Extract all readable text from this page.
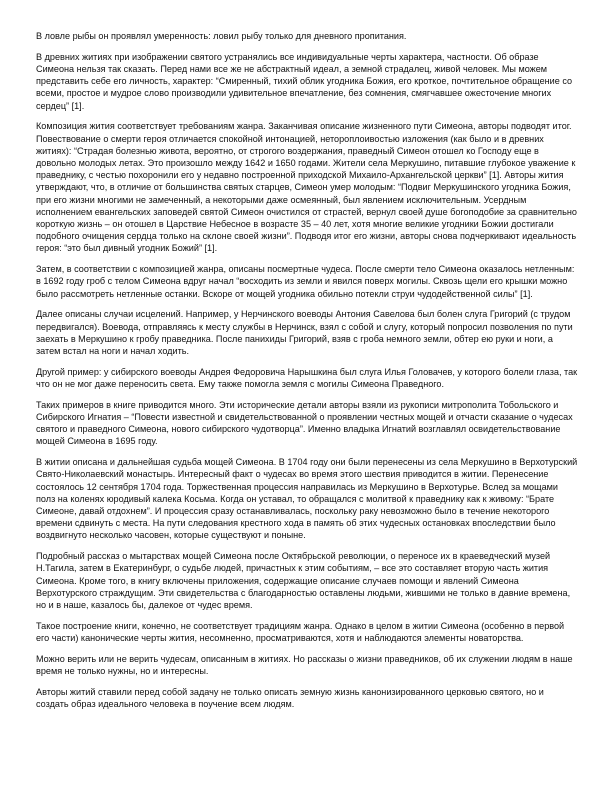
В ловле рыбы он проявлял умеренность: ловил рыбу только для дневного пропитания.

В древних житиях при изображении святого устранялись все индивидуальные черты характера, частности. Об образе Симеона нельзя так сказать. Перед нами все же не абстрактный идеал, а земной страдалец, живой человек. Мы можем представить себе его личность, характер: “Смиренный, тихий облик угодника Божия, его кроткое, почтительное обращение со всеми, простое и мудрое слово производили удивительное впечатление, без сомнения, смягчавшее ожесточение многих сердец” [1].

Композиция жития соответствует требованиям жанра. Заканчивая описание жизненного пути Симеона, авторы подводят итог. Повествование о смерти героя отличается спокойной интонацией, нетороплоивостью изложения (как было и в древних житиях): “Страдая болезнью живота, вероятно, от строгого воздержания, праведный Симеон отошел ко Господу еще в довольно молодых летах. Это произошло между 1642 и 1650 годами. Жители села Меркушино, питавшие глубокое уважение к праведнику, с честью похоронили его у недавно построенной приходской Михаило-Архангельской церкви” [1]. Авторы жития утверждают, что, в отличие от большинства святых старцев, Симеон умер молодым: “Подвиг Меркушинского угодника Божия, при его жизни многими не замеченный, а некоторыми даже осмеянный, был явлением исключительным. Усердным исполнением евангельских заповедей святой Симеон очистился от страстей, вернул своей душе богоподобие за сравнительно короткую жизнь – он отошел в Царствие Небесное в возрасте 35 – 40 лет, хотя многие великие угодники Божии достигали подобного очищения сердца только на склоне своей жизни”. Подводя итог его жизни, авторы снова подчеркивают идеальность героя: “это был дивный угодник Божий” [1].

Затем, в соответствии с композицией жанра, описаны посмертные чудеса. После смерти тело Симеона оказалось нетленным: в 1692 году гроб с телом Симеона вдруг начал “восходить из земли и явился поверх могилы. Сквозь щели его крышки можно было рассмотреть нетленные останки. Вскоре от мощей угодника обильно потекли струи чудодейственной силы” [1].

Далее описаны случаи исцелений. Например, у Нерчинского воеводы Антония Савелова был болен слуга Григорий (с трудом передвигался). Воевода, отправляясь к месту службы в Нерчинск, взял с собой и слугу, который попросил позволения по пути заехать в Меркушино к гробу праведника. После панихиды Григорий, взяв с гроба немного земли, обтер ею руки и ноги, а затем встал на ноги и начал ходить.

Другой пример: у сибирского воеводы Андрея Федоровича Нарышкина был слуга Илья Головачев, у которого болели глаза, так что он не мог даже переносить света. Ему также помогла земля с могилы Симеона Праведного.

Таких примеров в книге приводится много. Эти исторические детали авторы взяли из рукописи митрополита Тобольского и Сибирского Игнатия – “Повести известной и свидетельствованной о проявлении честных мощей и отчасти сказание о чудесах святого и праведного Симеона, нового сибирского чудотворца”. Именно владыка Игнатий возглавлял освидетельствование мощей Симеона в 1695 году.

В житии описана и дальнейшая судьба мощей Симеона. В 1704 году они были перенесены из села Меркушино в Верхотурский Свято-Николаевский монастырь. Интересный факт о чудесах во время этого шествия приводится в житии. Перенесение состоялось 12 сентября 1704 года. Торжественная процессия направилась из Меркушино в Верхотурье. Вслед за мощами полз на коленях юродивый калека Косьма. Когда он уставал, то обращался с молитвой к праведнику как к живому: “Брате Симеоне, давай отдохнем”. И процессия сразу останавливалась, поскольку раку невозможно было в течение некоторого времени сдвинуть с места. На пути следования крестного хода в память об этих чудесных остановках впоследствии было воздвигнуто несколько часовен, которые существуют и поныне.

Подробный рассказ о мытарствах мощей Симеона после Октябрьской революции, о переносе их в краеведческий музей Н.Тагила, затем в Екатеринбург, о судьбе людей, причастных к этим событиям, – все это составляет вторую часть жития Симеона. Кроме того, в книгу включены приложения, содержащие описание случаев помощи и явлений Симеона Верхотурского страждущим. Эти свидетельства с благодарностью оставлены людьми, жившими не только в давние времена, но и в наше, казалось бы, далекое от чудес время.

Такое построение книги, конечно, не соответствует традициям жанра. Однако в целом в житии Симеона (особенно в первой его части) канонические черты жития, несомненно, просматриваются, хотя и наблюдаются элементы новаторства.

Можно верить или не верить чудесам, описанным в житиях. Но рассказы о жизни праведников, об их служении людям в наше время не только нужны, но и интересны.

Авторы житий ставили перед собой задачу не только описать земную жизнь канонизированного церковью святого, но и создать образ идеального человека в поучение всем людям.
